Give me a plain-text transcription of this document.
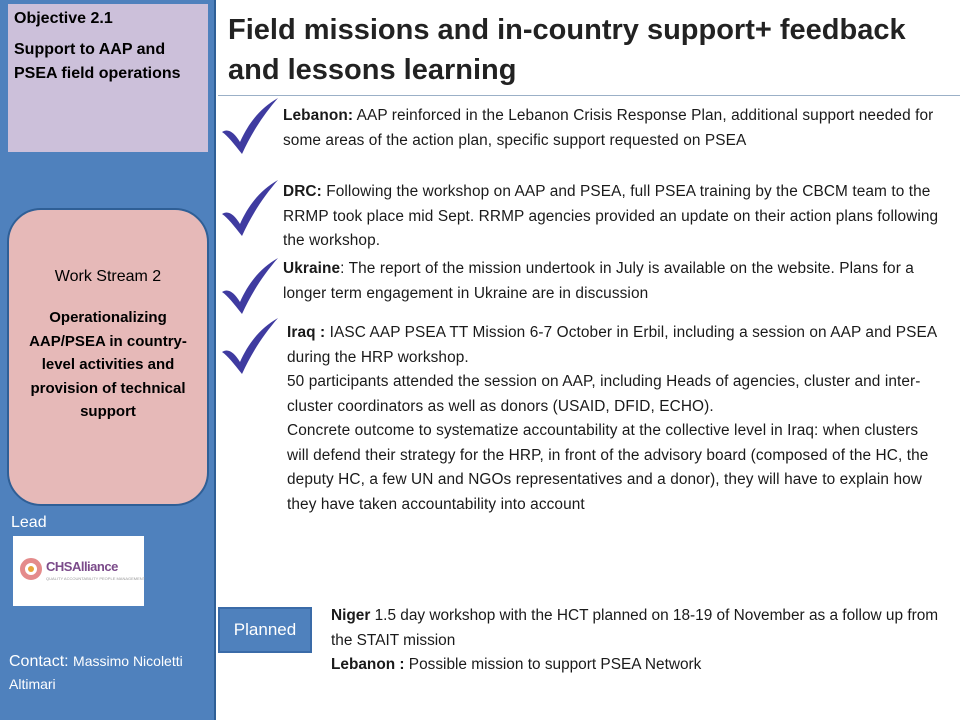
Objective 2.1
Support to AAP and PSEA field operations
Work Stream 2
Operationalizing AAP/PSEA in country-level activities and provision of technical support
Lead
CHSAlliance
QUALITY ACCOUNTABILITY PEOPLE MANAGEMENT
Contact: Massimo Nicoletti Altimari
Field missions and in-country support+ feedback and lessons learning
Lebanon: AAP reinforced in the Lebanon Crisis Response Plan, additional support needed for some areas of the action plan, specific support requested on PSEA
DRC: Following the workshop on AAP and PSEA, full PSEA training by the CBCM team to the RRMP took place mid Sept. RRMP agencies provided an update on their action plans following the workshop.
Ukraine: The report of the mission undertook in July is available on the website. Plans for a longer term engagement in Ukraine are in discussion
Iraq : IASC AAP PSEA TT Mission 6-7 October in Erbil, including a session on AAP and PSEA during the HRP workshop.
50 participants attended the session on AAP, including Heads of agencies, cluster and inter-cluster coordinators as well as donors (USAID, DFID, ECHO).
Concrete outcome to systematize accountability at the collective level in Iraq: when clusters will defend their strategy for the HRP, in front of the advisory board (composed of the HC, the deputy HC, a few UN and NGOs representatives and a donor), they will have to explain how they have taken accountability into account
Planned
Niger 1.5 day workshop with the HCT planned on 18-19 of November as a follow up from the STAIT mission
Lebanon : Possible mission to support PSEA Network
